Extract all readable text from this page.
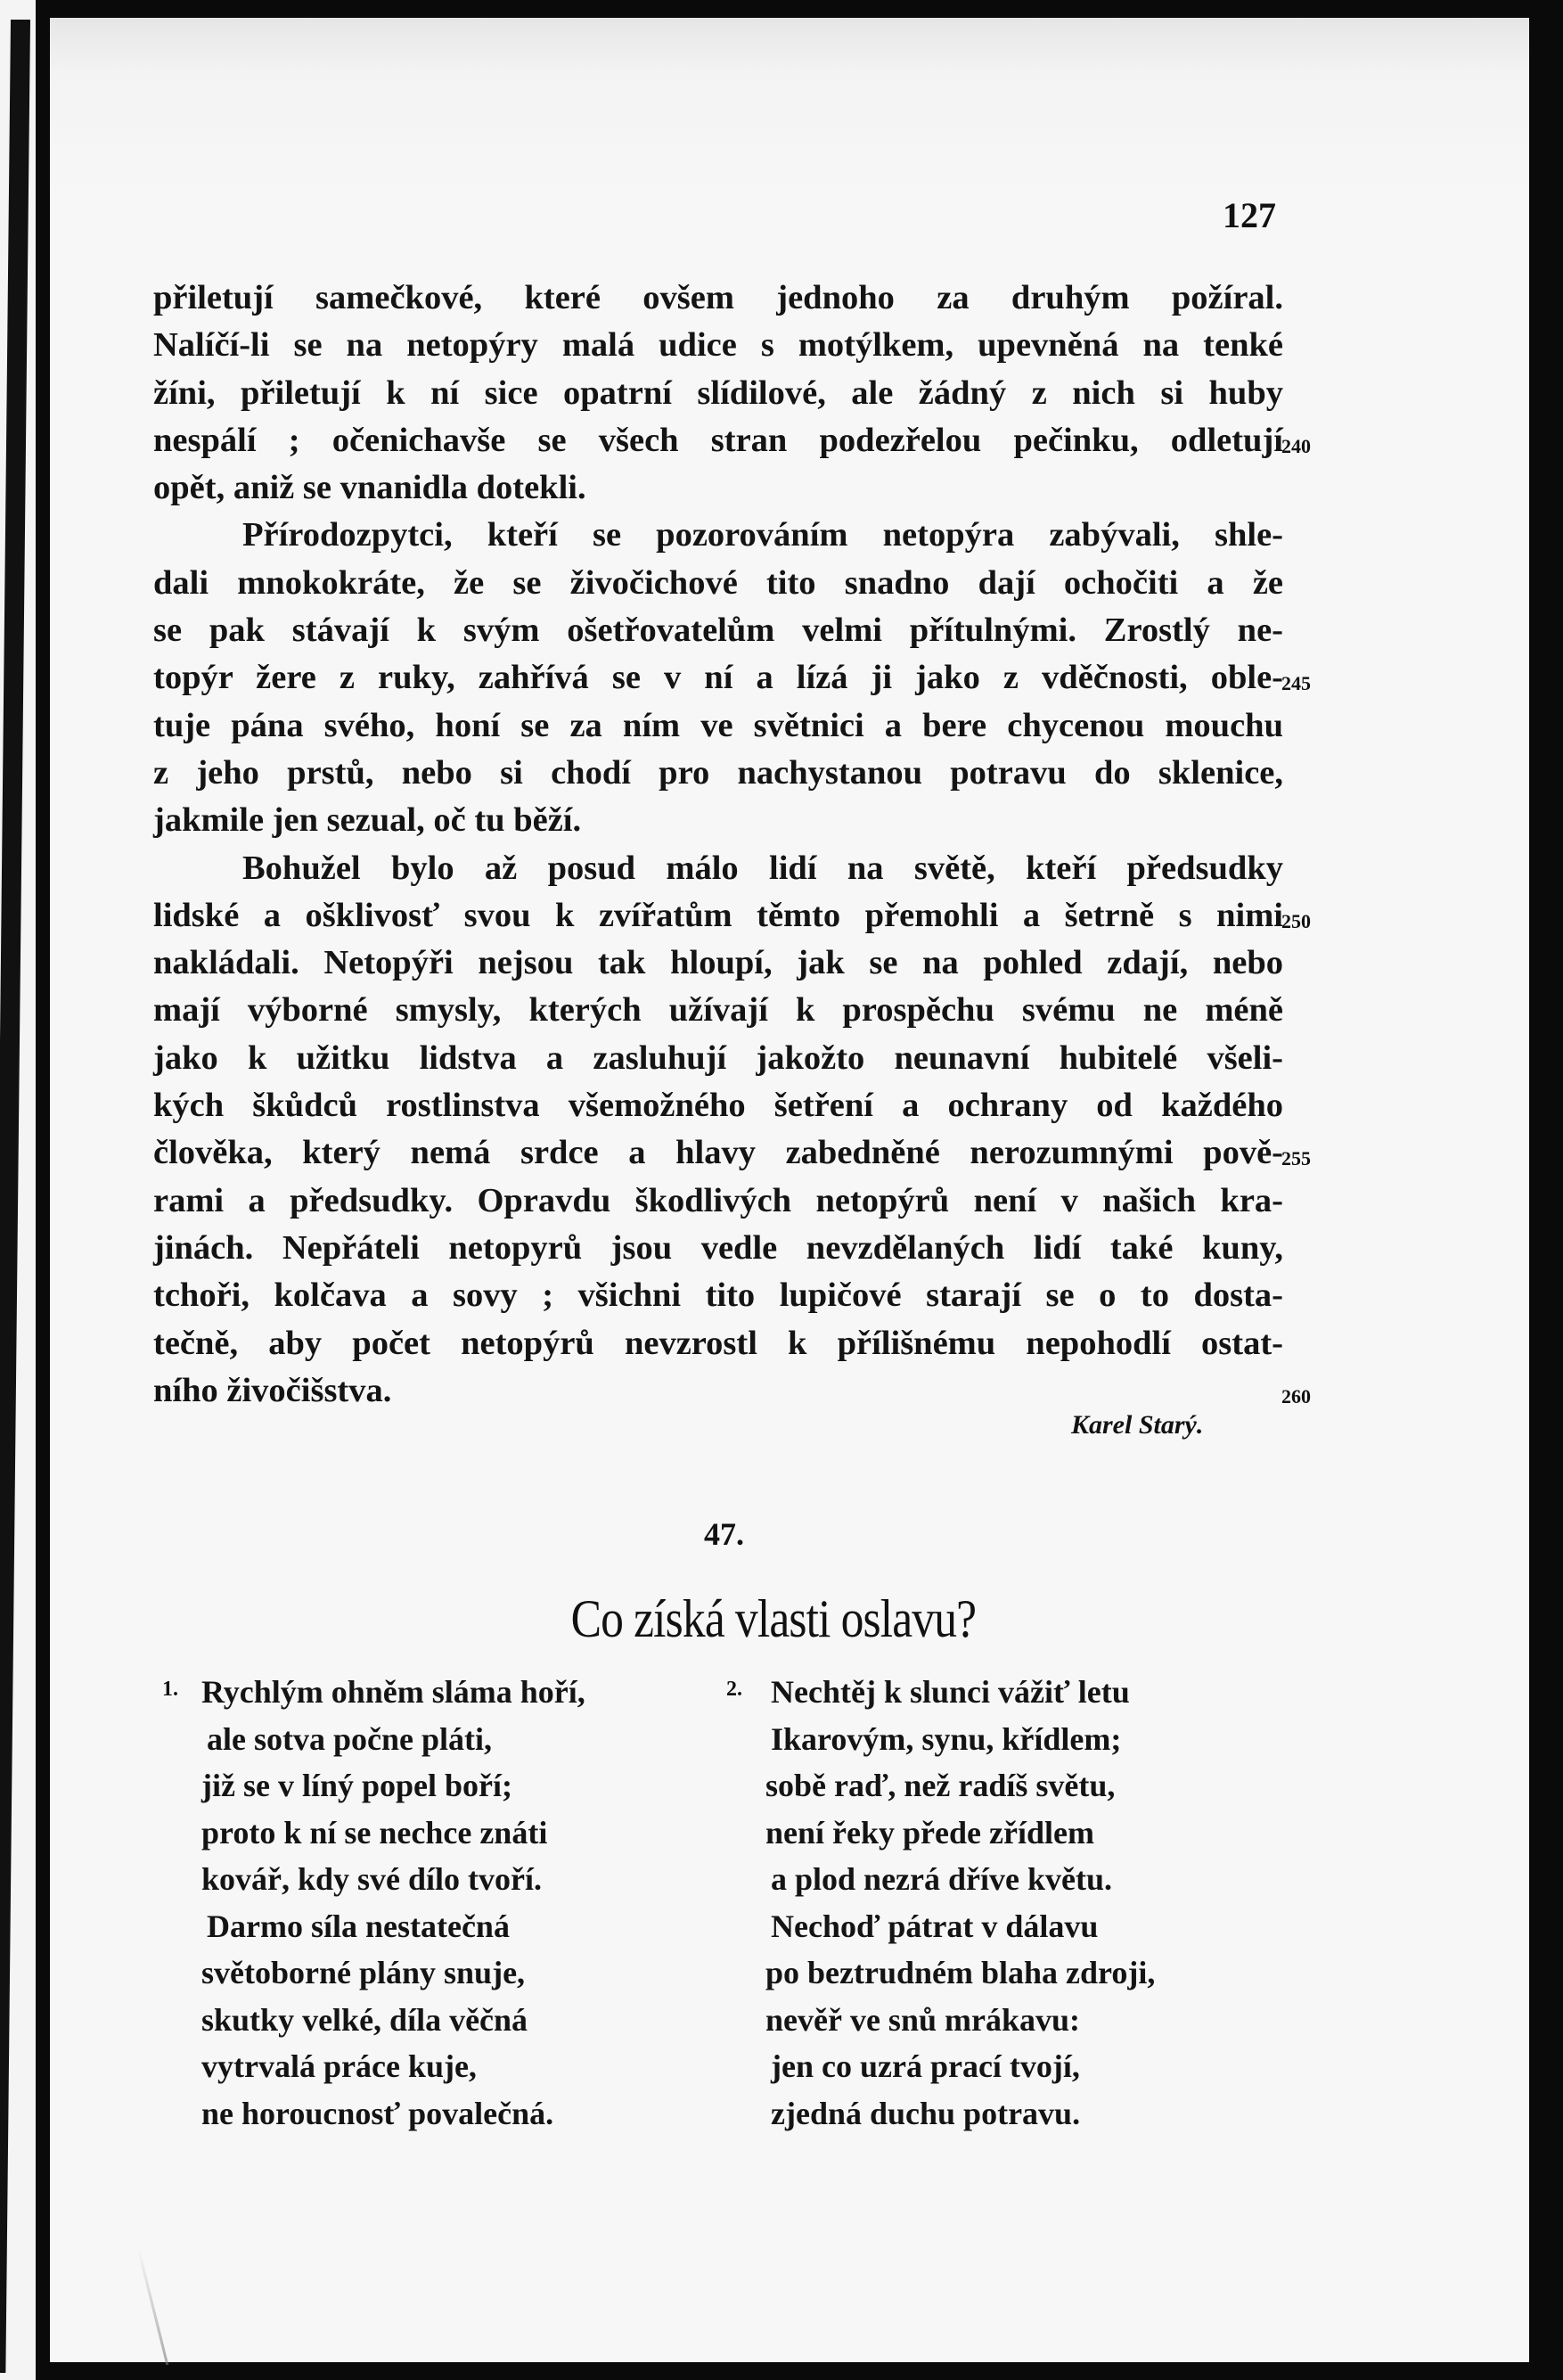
127
přiletují samečkové, které ovšem jednoho za druhým požíral.
Nalíčí-li se na netopýry malá udice s motýlkem, upevněná na tenké
žíni, přiletují k ní sice opatrní slídilové, ale žádný z nich si huby
nespálí ; očenichavše se všech stran podezřelou pečinku, odletují
opět, aniž se vnanidla dotekli.
Přírodozpytci, kteří se pozorováním netopýra zabývali, shle-
dali mnokokráte, že se živočichové tito snadno dají ochočiti a že
se pak stávají k svým ošetřovatelům velmi přítulnými. Zrostlý ne-
topýr žere z ruky, zahřívá se v ní a lízá ji jako z vděčnosti, oble-
tuje pána svého, honí se za ním ve světnici a bere chycenou mouchu
z jeho prstů, nebo si chodí pro nachystanou potravu do sklenice,
jakmile jen sezual, oč tu běží.
Bohužel bylo až posud málo lidí na světě, kteří předsudky
lidské a ošklivosť svou k zvířatům těmto přemohli a šetrně s nimi
nakládali. Netopýři nejsou tak hloupí, jak se na pohled zdají, nebo
mají výborné smysly, kterých užívají k prospěchu svému ne méně
jako k užitku lidstva a zasluhují jakožto neunavní hubitelé všeli-
kých škůdců rostlinstva všemožného šetření a ochrany od každého
člověka, který nemá srdce a hlavy zabedněné nerozumnými pově-
rami a předsudky. Opravdu škodlivých netopýrů není v našich kra-
jinách. Nepřáteli netopyrů jsou vedle nevzdělaných lidí také kuny,
tchoři, kolčava a sovy ; všichni tito lupičové starají se o to dosta-
tečně, aby počet netopýrů nevzrostl k přílišnému nepohodlí ostat-
ního živočišstva.
Karel Starý.
47.
Co získá vlasti oslavu?
1. Rychlým ohněm sláma hoří,
ale sotva počne pláti,
již se v líný popel boří;
proto k ní se nechce znáti
kovář, kdy své dílo tvoří.
Darmo síla nestatečná
světoborné plány snuje,
skutky velké, díla věčná
vytrvalá práce kuje,
ne horoucnosť povalečná.
2. Nechtěj k slunci vážiť letu
Ikarovým, synu, křídlem;
sobě raď, než radíš světu,
není řeky přede zřídlem
a plod nezrá dříve květu.
Nechoď pátrat v dálavu
po beztrudném blaha zdroji,
nevěř ve snů mrákavu:
jen co uzrá prací tvojí,
zjedná duchu potravu.
240
245
250
255
260
